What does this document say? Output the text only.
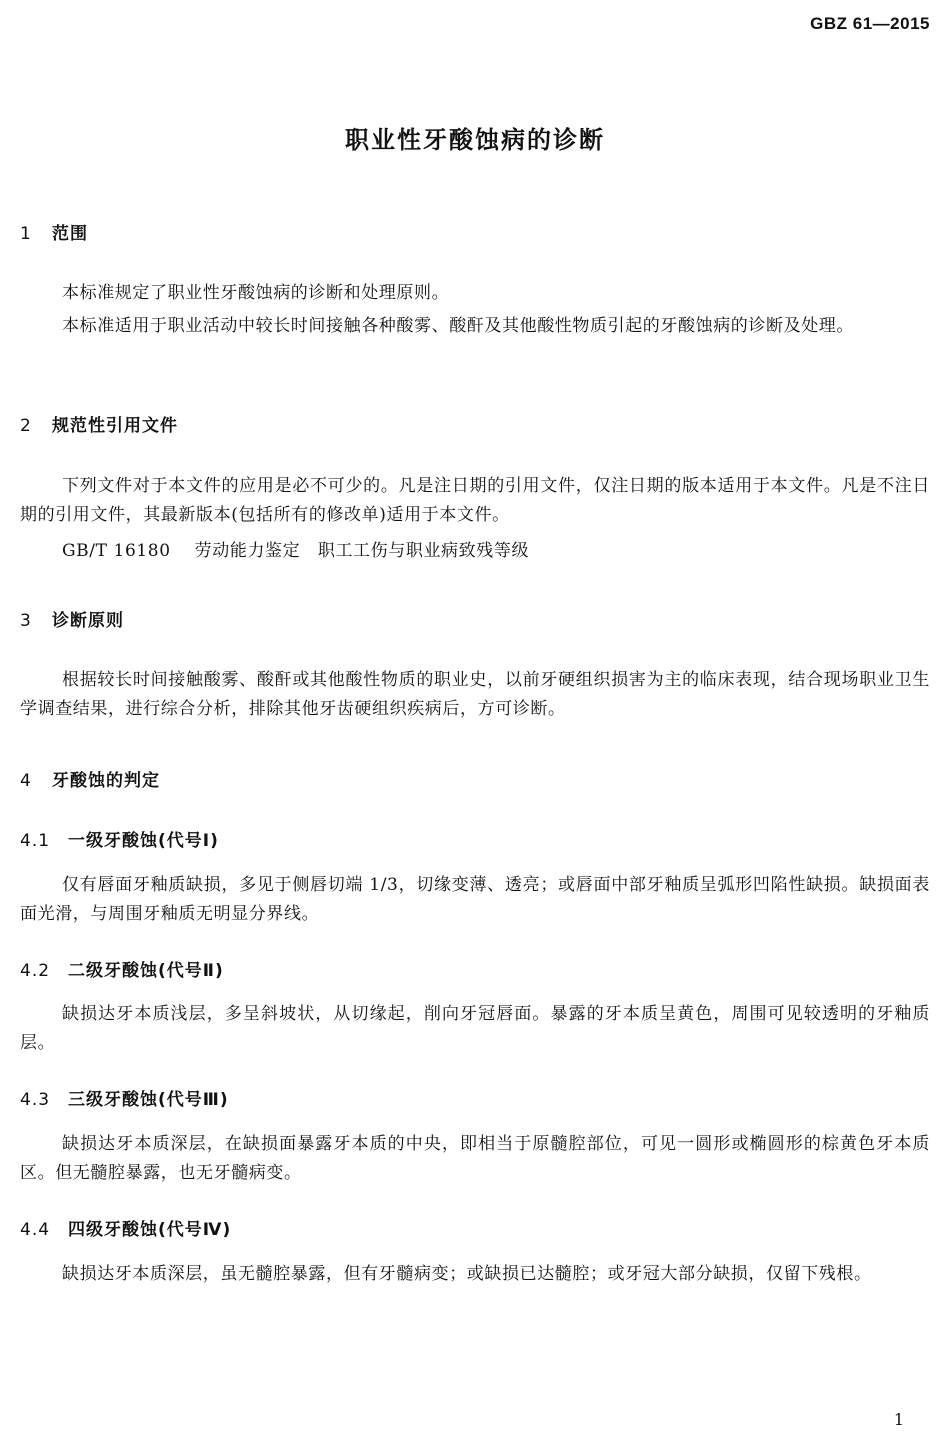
GBZ 61—2015
职业性牙酸蚀病的诊断
1 范围

本标准规定了职业性牙酸蚀病的诊断和处理原则。

本标准适用于职业活动中较长时间接触各种酸雾、酸酐及其他酸性物质引起的牙酸蚀病的诊断及处理。

2 规范性引用文件

下列文件对于本文件的应用是必不可少的。凡是注日期的引用文件，仅注日期的版本适用于本文件。凡是不注日期的引用文件，其最新版本(包括所有的修改单)适用于本文件。

GB/T 16180 劳动能力鉴定　职工工伤与职业病致残等级

3 诊断原则

根据较长时间接触酸雾、酸酐或其他酸性物质的职业史，以前牙硬组织损害为主的临床表现，结合现场职业卫生学调查结果，进行综合分析，排除其他牙齿硬组织疾病后，方可诊断。

4 牙酸蚀的判定
4.1 一级牙酸蚀(代号Ⅰ)

仅有唇面牙釉质缺损，多见于侧唇切端 1/3，切缘变薄、透亮；或唇面中部牙釉质呈弧形凹陷性缺损。缺损面表面光滑，与周围牙釉质无明显分界线。

4.2 二级牙酸蚀(代号Ⅱ)

缺损达牙本质浅层，多呈斜坡状，从切缘起，削向牙冠唇面。暴露的牙本质呈黄色，周围可见较透明的牙釉质层。

4.3 三级牙酸蚀(代号Ⅲ)

缺损达牙本质深层，在缺损面暴露牙本质的中央，即相当于原髓腔部位，可见一圆形或椭圆形的棕黄色牙本质区。但无髓腔暴露，也无牙髓病变。

4.4 四级牙酸蚀(代号Ⅳ)

缺损达牙本质深层，虽无髓腔暴露，但有牙髓病变；或缺损已达髓腔；或牙冠大部分缺损，仅留下残根。

1
